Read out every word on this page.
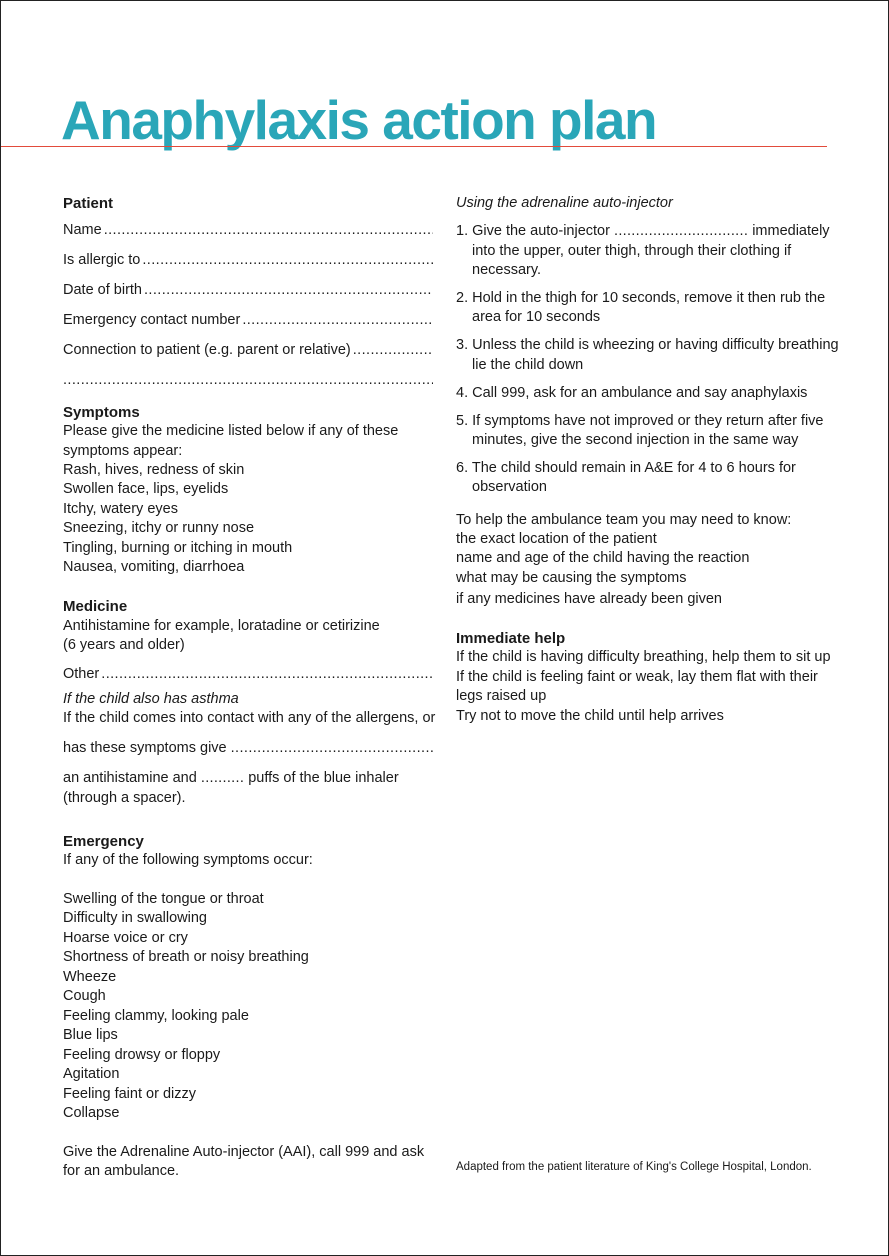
Anaphylaxis action plan
Patient
Name
.....
Is allergic to
.....
Date of birth
.....
Emergency contact number
.....
Connection to patient (e.g. parent or relative)
.....
.....
Symptoms
Please give the medicine listed below if any of these
symptoms appear:
Rash, hives, redness of skin
Swollen face, lips, eyelids
Itchy, watery eyes
Sneezing, itchy or runny nose
Tingling, burning or itching in mouth
Nausea, vomiting, diarrhoea
Medicine
Antihistamine for example, loratadine or cetirizine
(6 years and older)
Other
.....
If the child also has asthma
If the child comes into contact with any of the allergens, or
has these symptoms give
.....
an antihistamine and .......... puffs of the blue inhaler
(through a spacer).
Emergency
If any of the following symptoms occur:
Swelling of the tongue or throat
Difficulty in swallowing
Hoarse voice or cry
Shortness of breath or noisy breathing
Wheeze
Cough
Feeling clammy, looking pale
Blue lips
Feeling drowsy or floppy
Agitation
Feeling faint or dizzy
Collapse
Give the Adrenaline Auto-injector (AAI), call 999 and ask
for an ambulance.
Using the adrenaline auto-injector
1. Give the auto-injector ............................... immediately
into the upper, outer thigh, through their clothing if
necessary.
2. Hold in the thigh for 10 seconds, remove it then rub the
area for 10 seconds
3. Unless the child is wheezing or having difficulty breathing
lie the child down
4. Call 999, ask for an ambulance and say anaphylaxis
5. If symptoms have not improved or they return after five
minutes, give the second injection in the same way
6. The child should remain in A&E for 4 to 6 hours for
observation
To help the ambulance team you may need to know:
the exact location of the patient
name and age of the child having the reaction
what may be causing the symptoms
if any medicines have already been given
Immediate help
If the child is having difficulty breathing, help them to sit up
If the child is feeling faint or weak, lay them flat with their
legs raised up
Try not to move the child until help arrives
Adapted from the patient literature of King's College Hospital, London.
